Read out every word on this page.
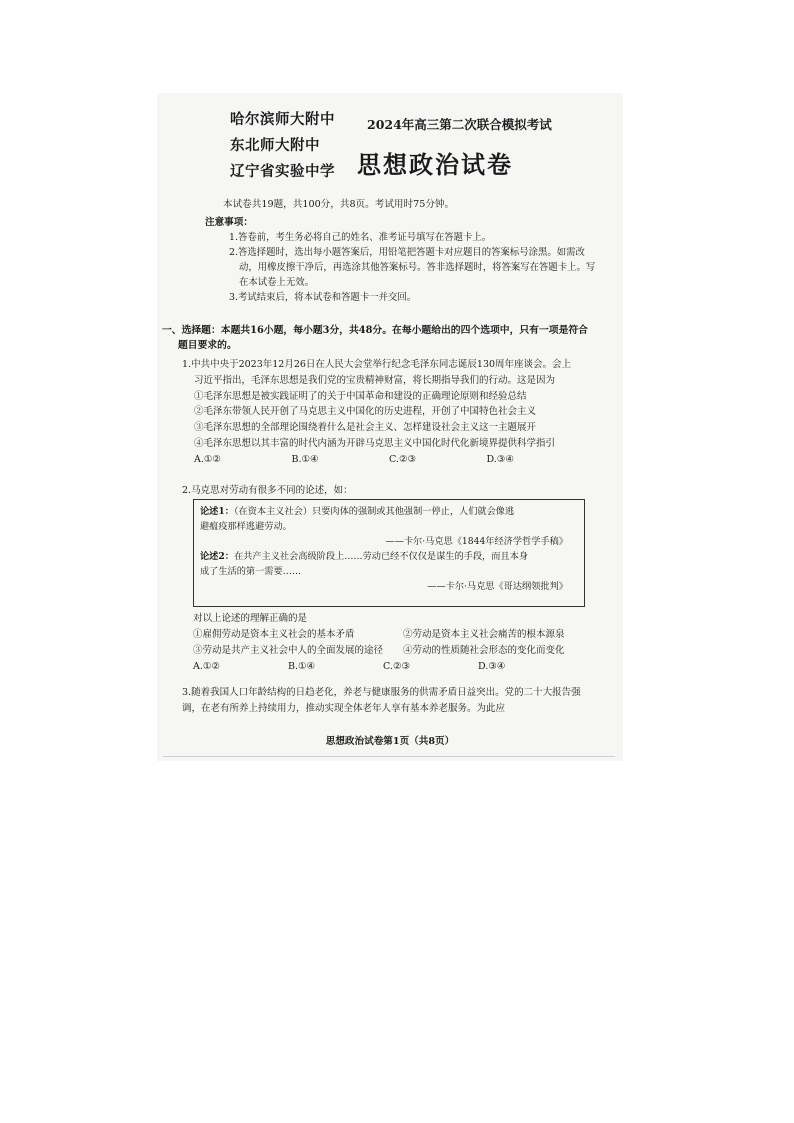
哈尔滨师大附中
东北师大附中
辽宁省实验中学
2024年高三第二次联合模拟考试
思想政治试卷
本试卷共19题，共100分，共8页。考试用时75分钟。
注意事项：
1.答卷前，考生务必将自己的姓名、准考证号填写在答题卡上。
2.答选择题时，选出每小题答案后，用铅笔把答题卡对应题目的答案标号涂黑。如需改
动，用橡皮擦干净后，再选涂其他答案标号。答非选择题时，将答案写在答题卡上。写
在本试卷上无效。
3.考试结束后，将本试卷和答题卡一并交回。
一、选择题：本题共16小题，每小题3分，共48分。在每小题给出的四个选项中，只有一项是符合
题目要求的。
1.中共中央于2023年12月26日在人民大会堂举行纪念毛泽东同志诞辰130周年座谈会。会上
习近平指出，毛泽东思想是我们党的宝贵精神财富，将长期指导我们的行动。这是因为
①毛泽东思想是被实践证明了的关于中国革命和建设的正确理论原则和经验总结
②毛泽东带领人民开创了马克思主义中国化的历史进程，开创了中国特色社会主义
③毛泽东思想的全部理论围绕着什么是社会主义、怎样建设社会主义这一主题展开
④毛泽东思想以其丰富的时代内涵为开辟马克思主义中国化时代化新境界提供科学指引
A.①②	B.①④	C.②③	D.③④
2.马克思对劳动有很多不同的论述，如：
论述1：（在资本主义社会）只要肉体的强制或其他强制一停止，人们就会像逃
避瘟疫那样逃避劳动。
——卡尔·马克思《1844年经济学哲学手稿》
论述2：在共产主义社会高级阶段上……劳动已经不仅仅是谋生的手段，而且本身
成了生活的第一需要……
——卡尔·马克思《哥达纲领批判》
对以上论述的理解正确的是
①雇佣劳动是资本主义社会的基本矛盾	②劳动是资本主义社会痛苦的根本源泉
③劳动是共产主义社会中人的全面发展的途径	④劳动的性质随社会形态的变化而变化
A.①②	B.①④	C.②③	D.③④
3.随着我国人口年龄结构的日趋老化，养老与健康服务的供需矛盾日益突出。党的二十大报告强
调，在老有所养上持续用力，推动实现全体老年人享有基本养老服务。为此应
思想政治试卷第1页（共8页）
